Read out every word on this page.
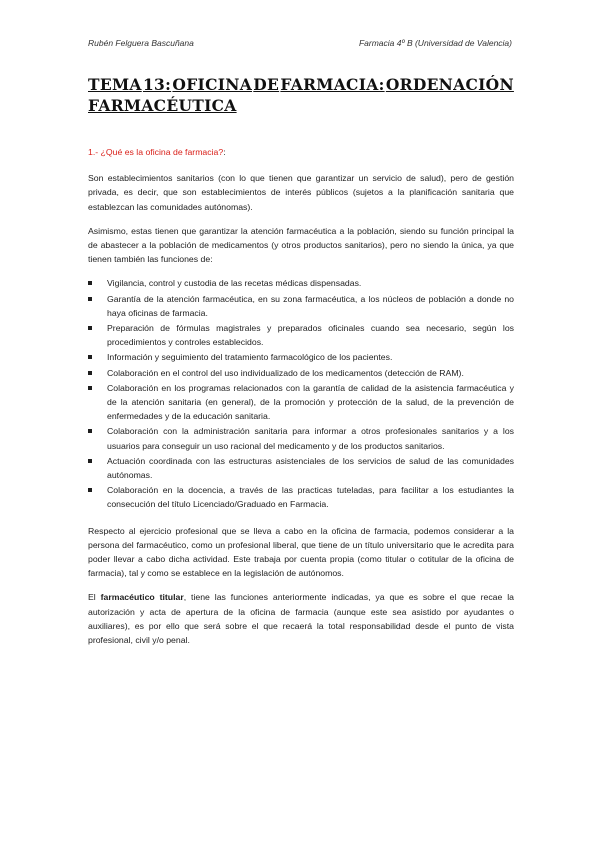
Rubén Felguera Bascuñana	Farmacia 4º B (Universidad de Valencia)
TEMA 13: OFICINA DE FARMACIA: ORDENACIÓN
FARMACÉUTICA
1.- ¿Qué es la oficina de farmacia?:

Son establecimientos sanitarios (con lo que tienen que garantizar un servicio de salud), pero de gestión privada, es decir, que son establecimientos de interés públicos (sujetos a la planificación sanitaria que establezcan las comunidades autónomas).

Asimismo, estas tienen que garantizar la atención farmacéutica a la población, siendo su función principal la de abastecer a la población de medicamentos (y otros productos sanitarios), pero no siendo la única, ya que tienen también las funciones de:

Vigilancia, control y custodia de las recetas médicas dispensadas.
Garantía de la atención farmacéutica, en su zona farmacéutica, a los núcleos de población a donde no haya oficinas de farmacia.
Preparación de fórmulas magistrales y preparados oficinales cuando sea necesario, según los procedimientos y controles establecidos.
Información y seguimiento del tratamiento farmacológico de los pacientes.
Colaboración en el control del uso individualizado de los medicamentos (detección de RAM).
Colaboración en los programas relacionados con la garantía de calidad de la asistencia farmacéutica y de la atención sanitaria (en general), de la promoción y protección de la salud, de la prevención de enfermedades y de la educación sanitaria.
Colaboración con la administración sanitaria para informar a otros profesionales sanitarios y a los usuarios para conseguir un uso racional del medicamento y de los productos sanitarios.
Actuación coordinada con las estructuras asistenciales de los servicios de salud de las comunidades autónomas.
Colaboración en la docencia, a través de las practicas tuteladas, para facilitar a los estudiantes la consecución del título Licenciado/Graduado en Farmacia.

Respecto al ejercicio profesional que se lleva a cabo en la oficina de farmacia, podemos considerar a la persona del farmacéutico, como un profesional liberal, que tiene de un título universitario que le acredita para poder llevar a cabo dicha actividad. Este trabaja por cuenta propia (como titular o cotitular de la oficina de farmacia), tal y como se establece en la legislación de autónomos.

El farmacéutico titular, tiene las funciones anteriormente indicadas, ya que es sobre el que recae la autorización y acta de apertura de la oficina de farmacia (aunque este sea asistido por ayudantes o auxiliares), es por ello que será sobre el que recaerá la total responsabilidad desde el punto de vista profesional, civil y/o penal.
